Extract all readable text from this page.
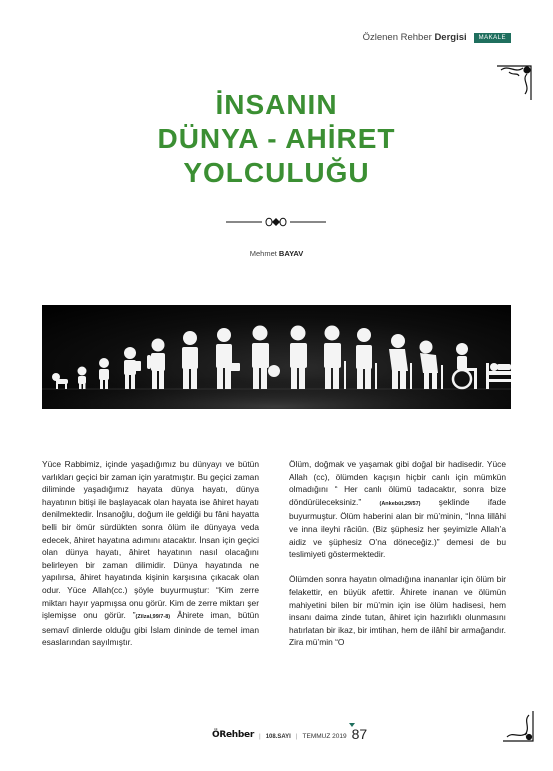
Özlenen Rehber Dergisi	MAKALE
İNSANIN
DÜNYA - AHİRET
YOLCULUĞU
Mehmet BAYAV

Yüce Rabbimiz, içinde yaşadığımız bu dünyayı ve bütün varlıkları geçici bir zaman için yaratmıştır. Bu geçici zaman diliminde yaşadığımız hayata dünya hayatı, dünya hayatının bitişi ile başlayacak olan hayata ise âhiret hayatı denilmektedir. İnsanoğlu, doğum ile geldiği bu fâni hayatta belli bir ömür sürdükten sonra ölüm ile dünyaya veda edecek, âhiret hayatına adımını atacaktır. İnsan için geçici olan dünya hayatı, âhiret hayatının nasıl olacağını belirleyen bir zaman dilimidir. Dünya hayatında ne yapılırsa, âhiret hayatında kişinin karşısına çıkacak olan odur. Yüce Allah(cc.) şöyle buyurmuştur: “Kim zerre miktarı hayır yapmışsa onu görür. Kim de zerre miktarı şer işlemişse onu görür. ”(Zilzal,99/7-8) Âhirete iman, bütün semavî dinlerde olduğu gibi İslam dininde de temel iman esaslarından sayılmıştır.

Ölüm, doğmak ve yaşamak gibi doğal bir hadisedir. Yüce Allah (cc), ölümden kaçışın hiçbir canlı için mümkün olmadığını “ Her canlı ölümü tadacaktır, sonra bize döndürüleceksiniz.”	(Ankebût,29/57) şeklinde ifade buyurmuştur. Ölüm haberini alan bir mü’minin, “İnna lillâhi ve inna ileyhi râciûn. (Biz şüphesiz her şeyimizle Allah’a aidiz ve şüphesiz O’na döneceğiz.)” demesi de bu teslimiyeti göstermektedir.

Ölümden sonra hayatın olmadığına inananlar için ölüm bir felakettir, en büyük afettir. Âhirete inanan ve ölümün mahiyetini bilen bir mü’min için ise ölüm hadisesi, hem insanı daima zinde tutan, âhiret için hazırlıklı olunmasını hatırlatan bir ikaz, bir imtihan, hem de ilâhî bir armağandır. Zira mü’min “O

ÖRehber | 108.SAYI | TEMMUZ 2019 87
